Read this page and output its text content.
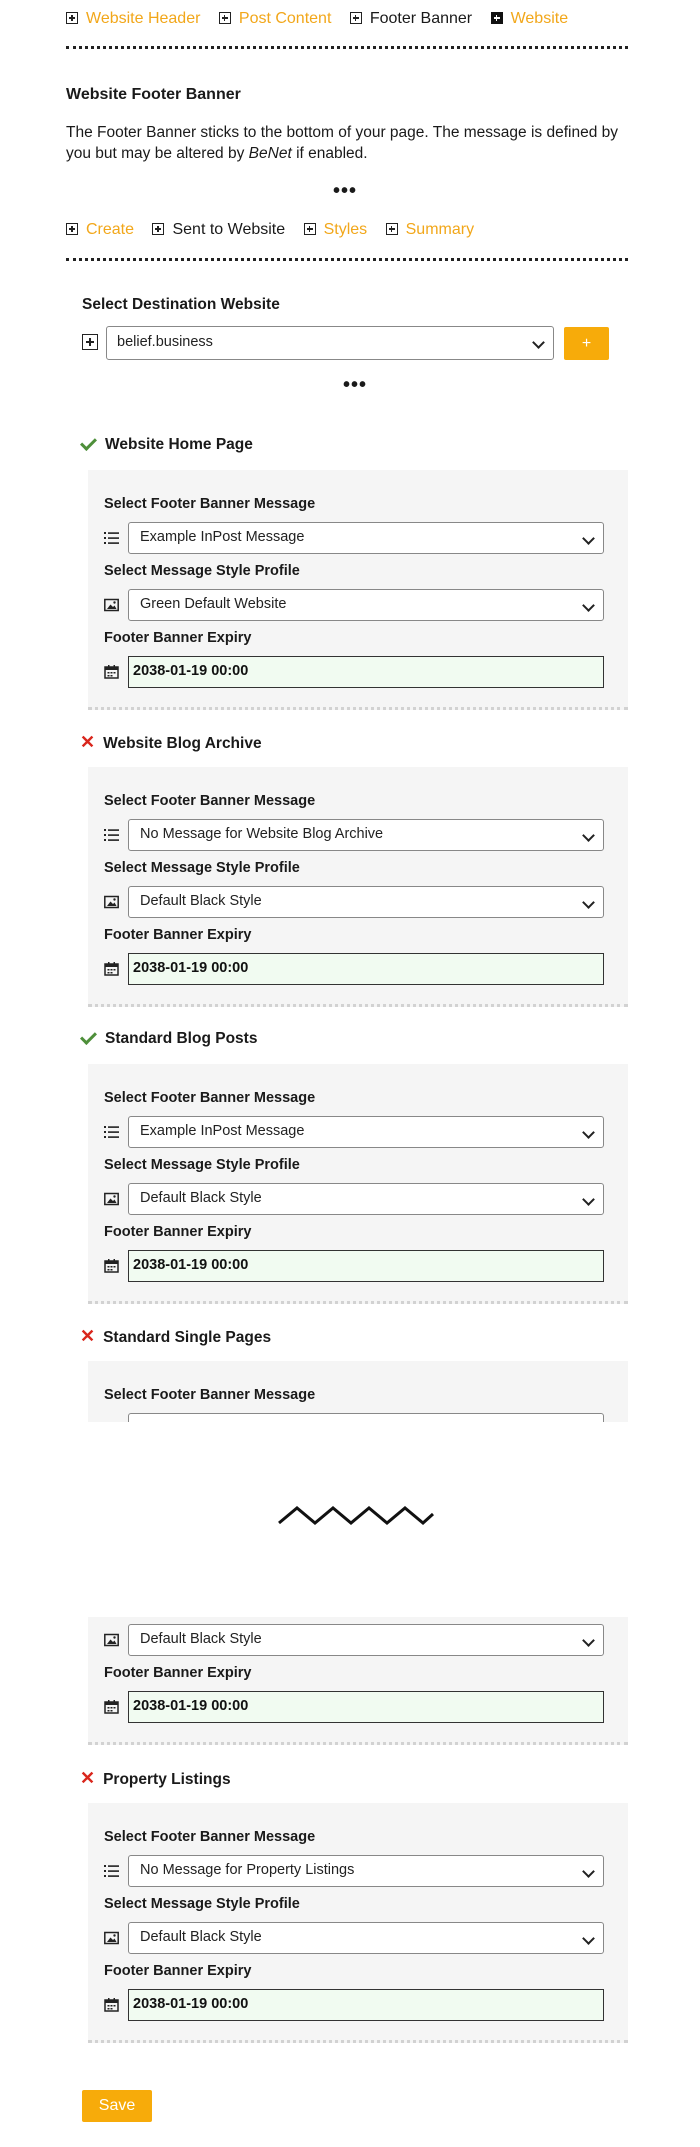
Website Header Post Content Footer Banner Website
Website Footer Banner
The Footer Banner sticks to the bottom of your page. The message is defined by you but may be altered by BeNet if enabled.
•••
Create Sent to Website Styles Summary
Select Destination Website
belief.business	+
•••
Website Home Page
Select Footer Banner Message
Example InPost Message
Select Message Style Profile
Green Default Website
Footer Banner Expiry
2038-01-19 00:00
✕ Website Blog Archive
Select Footer Banner Message
No Message for Website Blog Archive
Select Message Style Profile
Default Black Style
Footer Banner Expiry
2038-01-19 00:00
Standard Blog Posts
Select Footer Banner Message
Example InPost Message
Select Message Style Profile
Default Black Style
Footer Banner Expiry
2038-01-19 00:00
✕ Standard Single Pages
Select Footer Banner Message
Default Black Style
Footer Banner Expiry
2038-01-19 00:00
✕ Property Listings
Select Footer Banner Message
No Message for Property Listings
Select Message Style Profile
Default Black Style
Footer Banner Expiry
2038-01-19 00:00
Save
